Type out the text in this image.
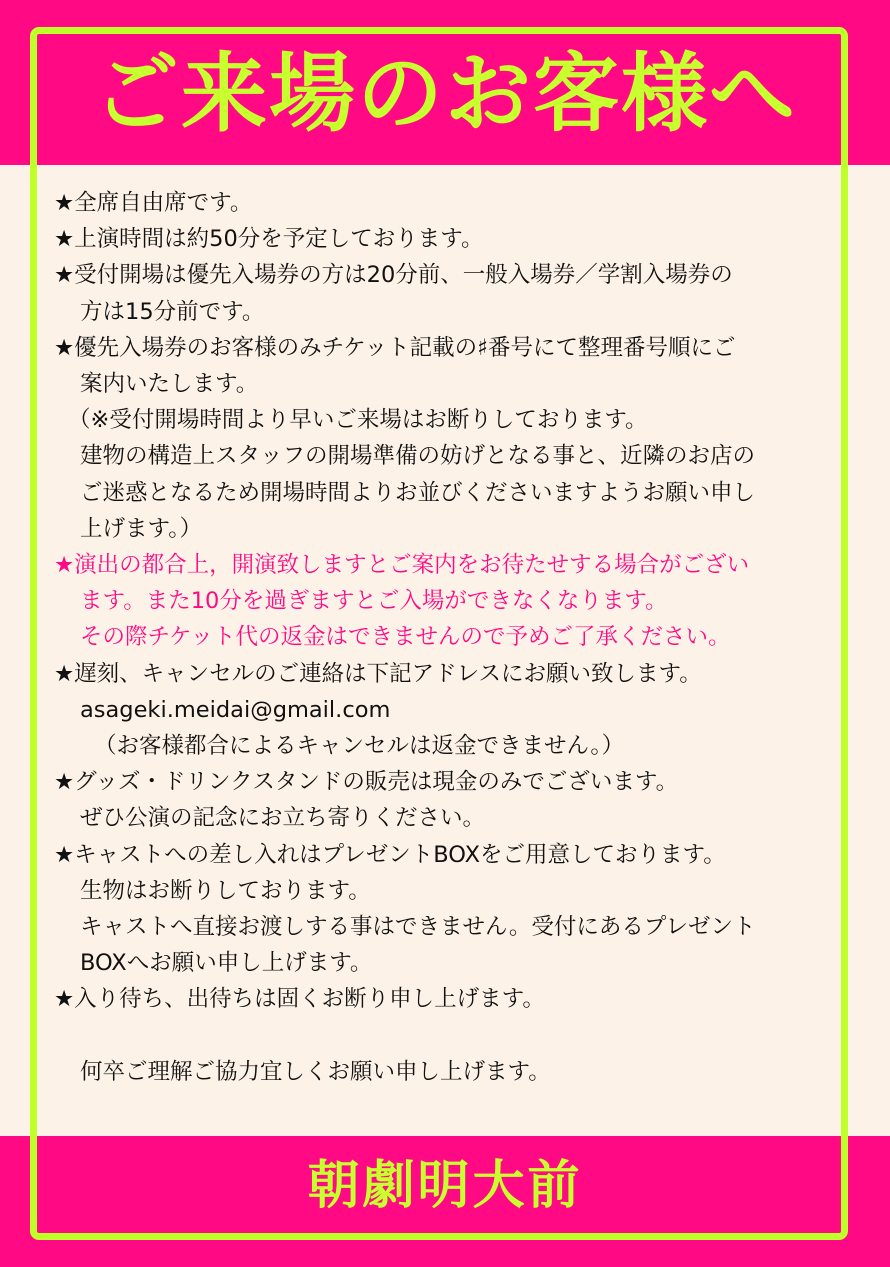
ご来場のお客様へ
★全席自由席です。
★上演時間は約50分を予定しております。
★受付開場は優先入場券の方は20分前、一般入場券／学割入場券の
方は15分前です。
★優先入場券のお客様のみチケット記載の♯番号にて整理番号順にご
案内いたします。
（※受付開場時間より早いご来場はお断りしております。
建物の構造上スタッフの開場準備の妨げとなる事と、近隣のお店の
ご迷惑となるため開場時間よりお並びくださいますようお願い申し
上げます。）
★演出の都合上，開演致しますとご案内をお待たせする場合がござい
ます。また10分を過ぎますとご入場ができなくなります。
その際チケット代の返金はできませんので予めご了承ください。
★遅刻、キャンセルのご連絡は下記アドレスにお願い致します。
asageki.meidai@gmail.com
（お客様都合によるキャンセルは返金できません。）
★グッズ・ドリンクスタンドの販売は現金のみでございます。
ぜひ公演の記念にお立ち寄りください。
★キャストへの差し入れはプレゼントBOXをご用意しております。
生物はお断りしております。
キャストへ直接お渡しする事はできません。受付にあるプレゼント
BOXへお願い申し上げます。
★入り待ち、出待ちは固くお断り申し上げます。
何卒ご理解ご協力宜しくお願い申し上げます。
朝劇明大前
